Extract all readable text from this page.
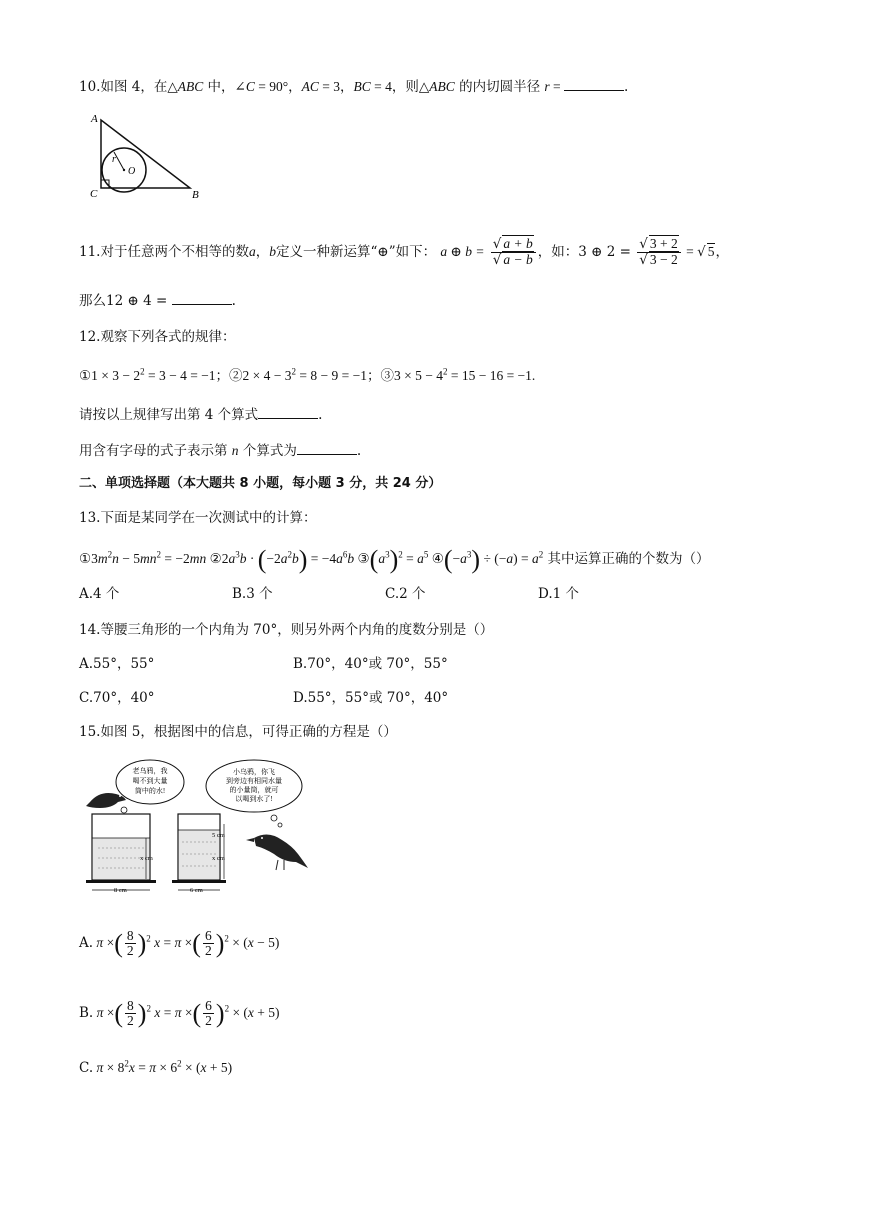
10.如图 4，在△ABC 中，∠C = 90°，AC = 3，BC = 4，则△ABC 的内切圆半径 r =	.
A
C	B
O
r
11.对于任意两个不相等的数a，b定义一种新运算“⊕”如下： a ⊕ $b = \frac{√ a + b}{√ a - b}$ ，如：3 ⊕ $2 = \frac{√ 3 + 2}{√ 3 - 2}$ = √ 5，
那么12 ⊕ 4 =	.
12.观察下列各式的规律：
①1 × $3 - 2^2 = 3 - 4 = -1$；②2 × $4 - 3^2 = 8 - 9 = -1$；③3 × $5 - 4^2 = 15 - 16 = -1$.
请按以上规律写出第 4 个算式	.
用含有字母的式子表示第 n 个算式为	.
二、单项选择题（本大题共 8 小题，每小题 3 分，共 24 分）
13.下面是某同学在一次测试中的计算：
$①3m^2n - 5mn^2 = -2mn$ $②2a^3b \cdot (-2a^2b) = -4a^6b$ $③(a^3)^2 = a^5$ $④(-a^3) \div (-a) = a^2$ 其中运算正确的个数为（）
A.4 个	B.3 个	C.2 个	D.1 个
14.等腰三角形的一个内角为 70°，则另外两个内角的度数分别是（）
A.55°，55°	B.70°，40°或 70°，55°
C.70°，40°	D.55°，55°或 70°，40°
15.如图 5，根据图中的信息，可得正确的方程是（）
老乌鸦，我
喝不到大量
筒中的水!
小乌鸦，你飞
到旁边有相同水量
的小量筒，就可
以喝到水了!
x cm
8 cm
5 cm
x cm
6 cm
A. π ×( $\frac{8}{2} )^2$ x = π ×( $\frac{6}{2} )^2 \times (x - 5)$
B. π ×( $\frac{8}{2} )^2$ x = π ×( $\frac{6}{2} )^2 \times (x + 5)$
C. $\pi \times 8^2x = \pi \times 6^2 \times (x + 5)$
